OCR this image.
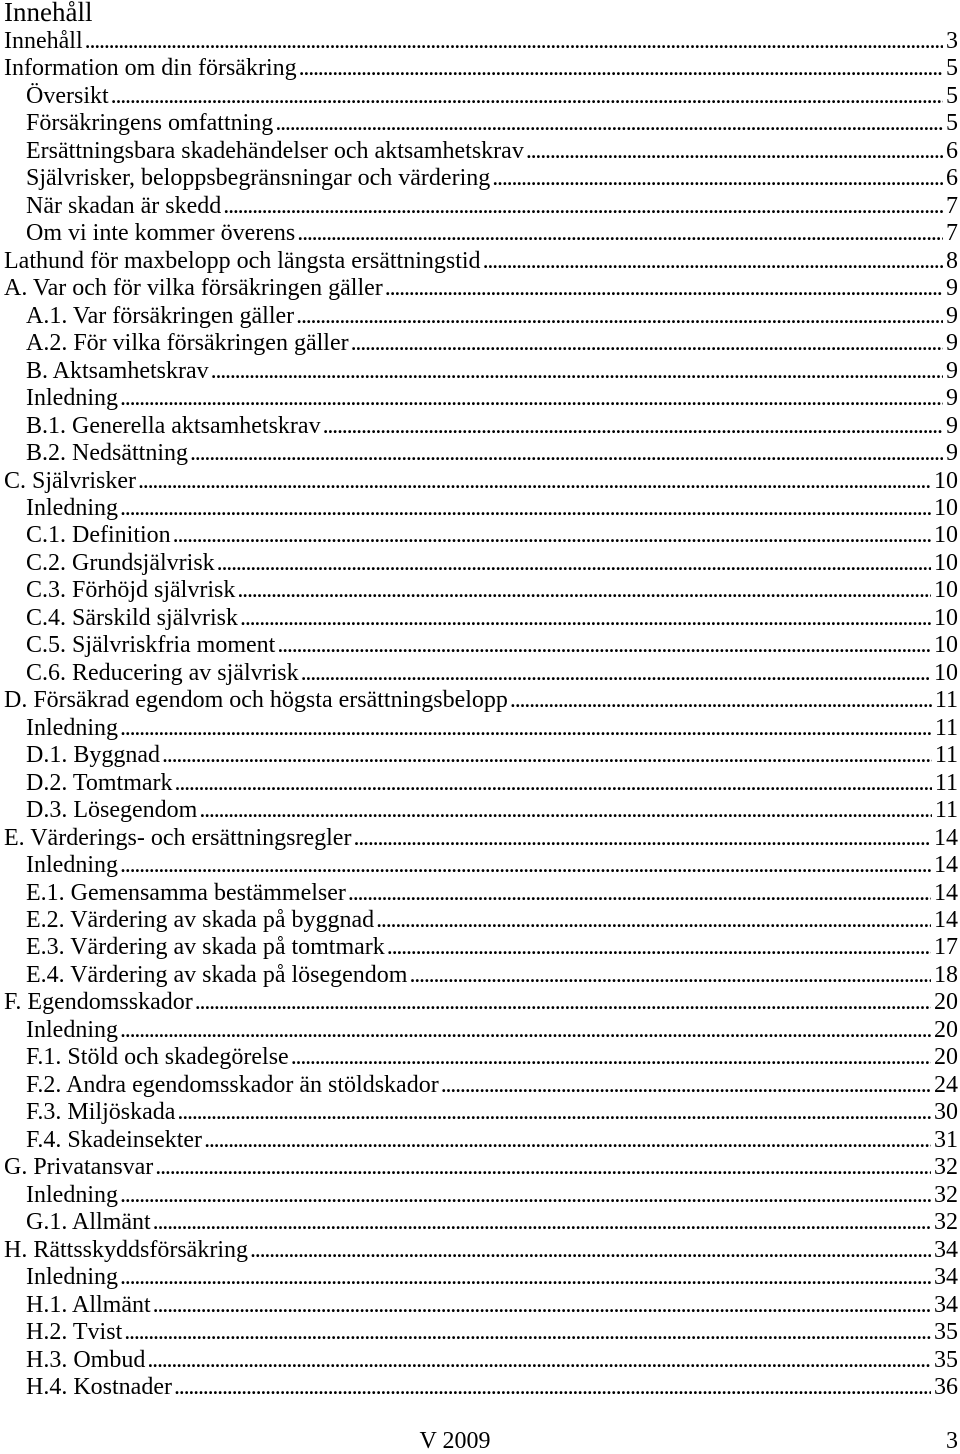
Innehåll
Innehåll .....	3
Information om din försäkring .....	5
Översikt .....	5
Försäkringens omfattning .....	5
Ersättningsbara skadehändelser och aktsamhetskrav .....	6
Självrisker, beloppsbegränsningar och värdering .....	6
När skadan är skedd .....	7
Om vi inte kommer överens .....	7
Lathund för maxbelopp och längsta ersättningstid .....	8
A. Var och för vilka försäkringen gäller .....	9
A.1. Var försäkringen gäller .....	9
A.2. För vilka försäkringen gäller .....	9
B. Aktsamhetskrav .....	9
Inledning .....	9
B.1. Generella aktsamhetskrav .....	9
B.2. Nedsättning .....	9
C. Självrisker .....	10
Inledning .....	10
C.1. Definition .....	10
C.2. Grundsjälvrisk .....	10
C.3. Förhöjd självrisk .....	10
C.4. Särskild självrisk .....	10
C.5. Självriskfria moment .....	10
C.6. Reducering av självrisk .....	10
D. Försäkrad egendom och högsta ersättningsbelopp .....	11
Inledning .....	11
D.1. Byggnad .....	11
D.2. Tomtmark .....	11
D.3. Lösegendom .....	11
E. Värderings- och ersättningsregler .....	14
Inledning .....	14
E.1. Gemensamma bestämmelser .....	14
E.2. Värdering av skada på byggnad .....	14
E.3. Värdering av skada på tomtmark .....	17
E.4. Värdering av skada på lösegendom .....	18
F. Egendomsskador .....	20
Inledning .....	20
F.1. Stöld och skadegörelse .....	20
F.2. Andra egendomsskador än stöldskador .....	24
F.3. Miljöskada .....	30
F.4. Skadeinsekter .....	31
G. Privatansvar .....	32
Inledning .....	32
G.1. Allmänt .....	32
H. Rättsskyddsförsäkring .....	34
Inledning .....	34
H.1. Allmänt .....	34
H.2. Tvist .....	35
H.3. Ombud .....	35
H.4. Kostnader .....	36
V 2009	3
